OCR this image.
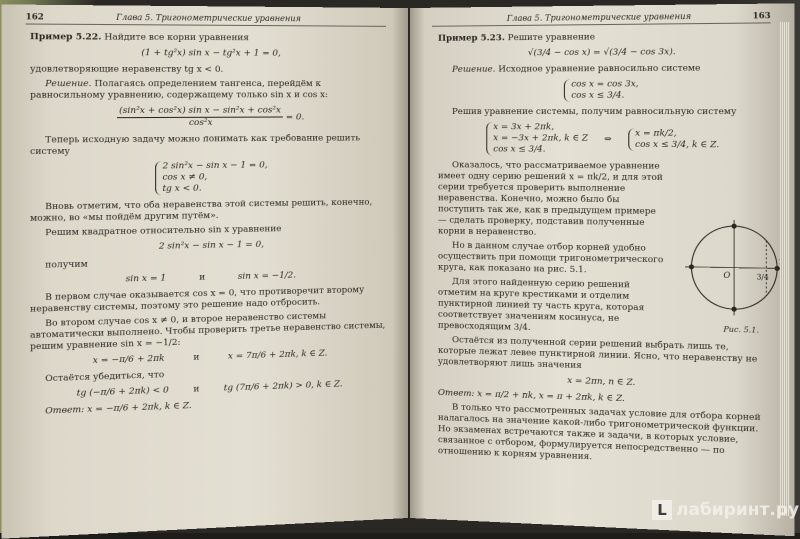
162	Глава 5. Тригонометрические уравнения

Пример 5.22. Найдите все корни уравнения

(1 + tg²x) sin x − tg²x + 1 = 0,

удовлетворяющие неравенству tg x < 0.

Решение. Полагаясь определением тангенса, перейдём к равносильному уравнению, содержащему только sin x и cos x:

$\frac{\text{(sin²x + cos²x) sin x − sin²x + cos²x}}{\text{cos²x}} = 0$.

Теперь исходную задачу можно понимать как требование решить систему

2 sin²x − sin x − 1 = 0,
cos x ≠ 0,
tg x < 0.

Вновь отметим, что оба неравенства этой системы решить, конечно, можно, во «мы пойдём другим путём».

Решим квадратное относительно sin x уравнение

2 sin²x − sin x − 1 = 0,

получим

sin x = 1	и	sin x = −1/2.

В первом случае оказывается cos x = 0, что противоречит второму неравенству системы, поэтому это решение надо отбросить.

Во втором случае cos x ≠ 0, и второе неравенство системы автоматически выполнено. Чтобы проверить третье неравенство системы, решим уравнение sin x = −1/2:

x = −π/6 + 2πk	и	x = 7π/6 + 2πk, k ∈ Z.

Остаётся убедиться, что

tg (−π/6 + 2πk) < 0	и	tg (7π/6 + 2πk) > 0, k ∈ Z.

Ответ: x = −π/6 + 2πk, k ∈ Z.

Глава 5. Тригонометрические уравнения	163

Пример 5.23. Решите уравнение

√(3/4 − cos x) = √(3/4 − cos 3x).

Решение. Исходное уравнение равносильно системе

cos x = cos 3x,
cos x ≤ 3/4.

Решив уравнение системы, получим равносильную систему

x = 3x + 2πk,
x = −3x + 2πk, k ∈ Z
cos x ≤ 3/4.
⇔
x = πk/2,
cos x ≤ 3/4, k ∈ Z.

Оказалось, что рассматриваемое уравнение имеет одну серию решений x = πk/2, и для этой серии требуется проверить выполнение неравенства. Конечно, можно было бы поступить так же, как в предыдущем примере — сделать проверку, подставив полученные корни в неравенство.

Но в данном случае отбор корней удобно осуществить при помощи тригонометрического круга, как показано на рис. 5.1.

Для этого найденную серию решений отметим на круге крестиками и отделим пунктирной линией ту часть круга, которая соответствует значениям косинуса, не превосходящим 3/4.

Остаётся из полученной серии решений выбрать лишь те, которые лежат левее пунктирной линии. Ясно, что неравенству не удовлетворяют лишь значения

x = 2πn, n ∈ Z.

Ответ: x = π/2 + πk, x = π + 2πk, k ∈ Z.

В только что рассмотренных задачах условие для отбора корней налагалось на значение какой-либо тригонометрической функции. Но экзаменах встречаются также и задачи, в которых условие, связанное с отбором, формулируется непосредственно — по отношению к корням уравнения.

O	3/4
Рис. 5.1.
L лабиринт.ру
